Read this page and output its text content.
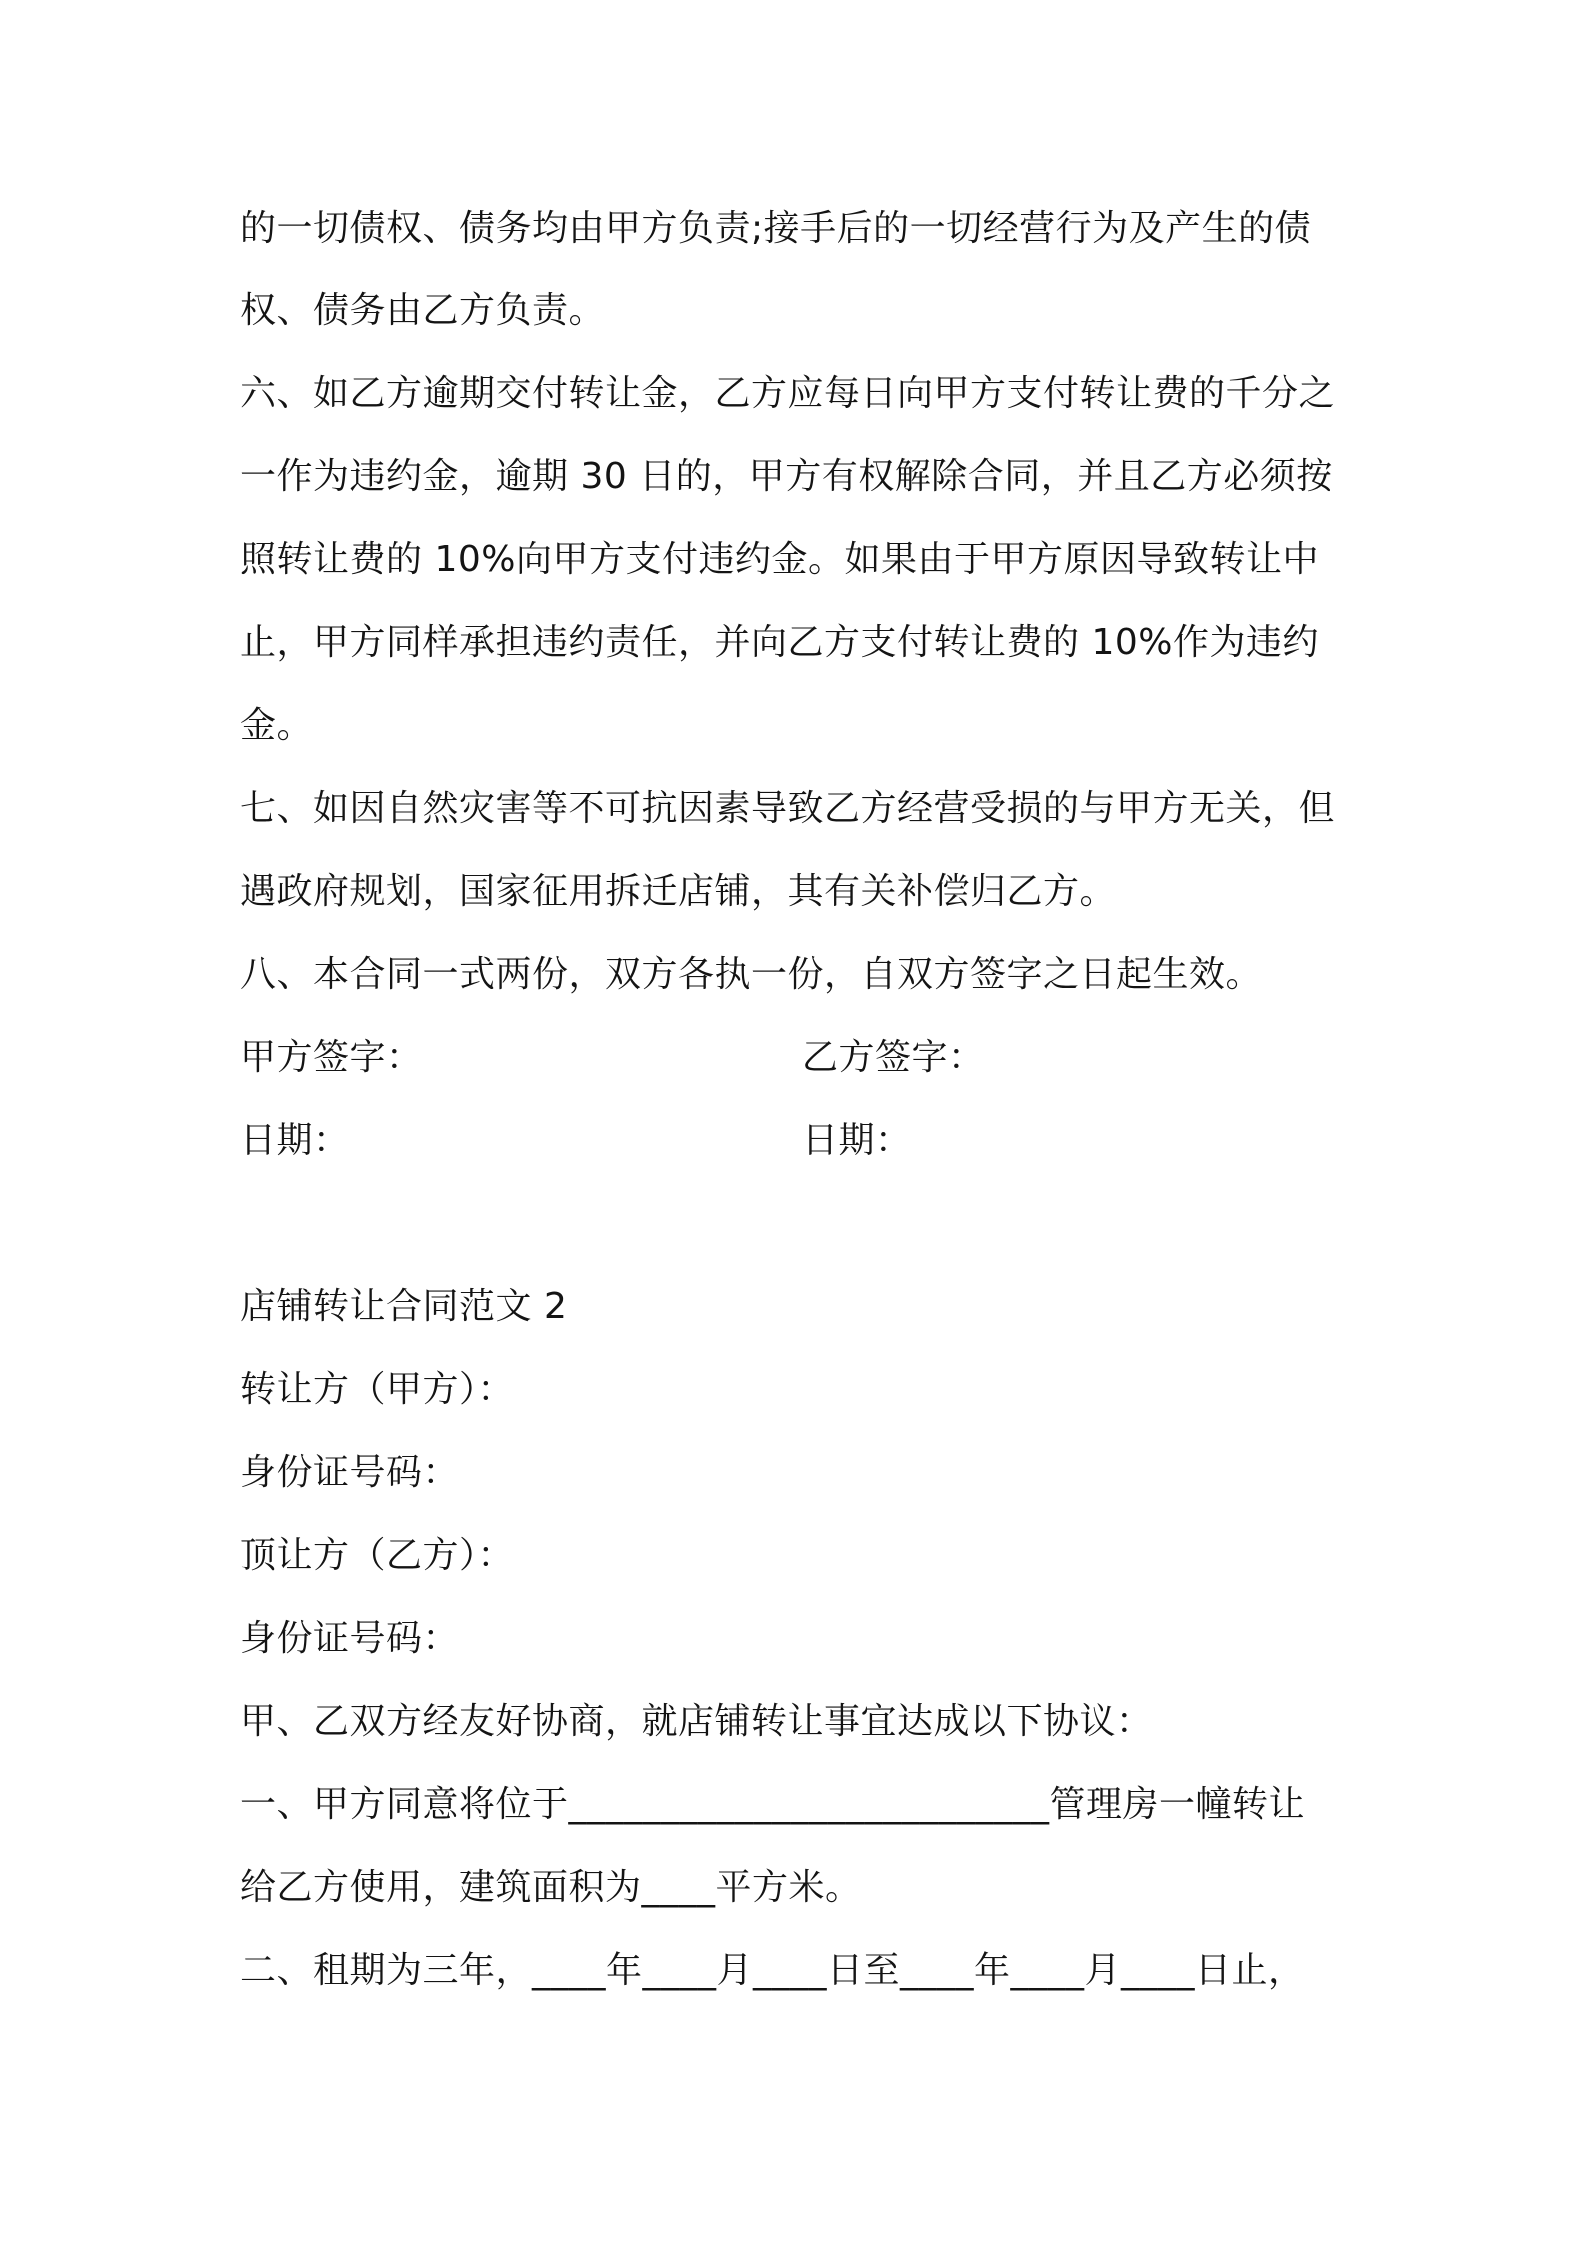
的一切债权、债务均由甲方负责;接手后的一切经营行为及产生的债
权、债务由乙方负责。
六、如乙方逾期交付转让金，乙方应每日向甲方支付转让费的千分之
一作为违约金，逾期 30 日的，甲方有权解除合同，并且乙方必须按
照转让费的 10%向甲方支付违约金。如果由于甲方原因导致转让中
止，甲方同样承担违约责任，并向乙方支付转让费的 10%作为违约
金。
七、如因自然灾害等不可抗因素导致乙方经营受损的与甲方无关，但
遇政府规划，国家征用拆迁店铺，其有关补偿归乙方。
八、本合同一式两份，双方各执一份，自双方签字之日起生效。
甲方签字：	乙方签字：
日期：	日期：
店铺转让合同范文 2
转让方（甲方）：
身份证号码：
顶让方（乙方）：
身份证号码：
甲、乙双方经友好协商，就店铺转让事宜达成以下协议：
一、甲方同意将位于__________________________管理房一幢转让
给乙方使用，建筑面积为____平方米。
二、租期为三年，____年____月____日至____年____月____日止，
